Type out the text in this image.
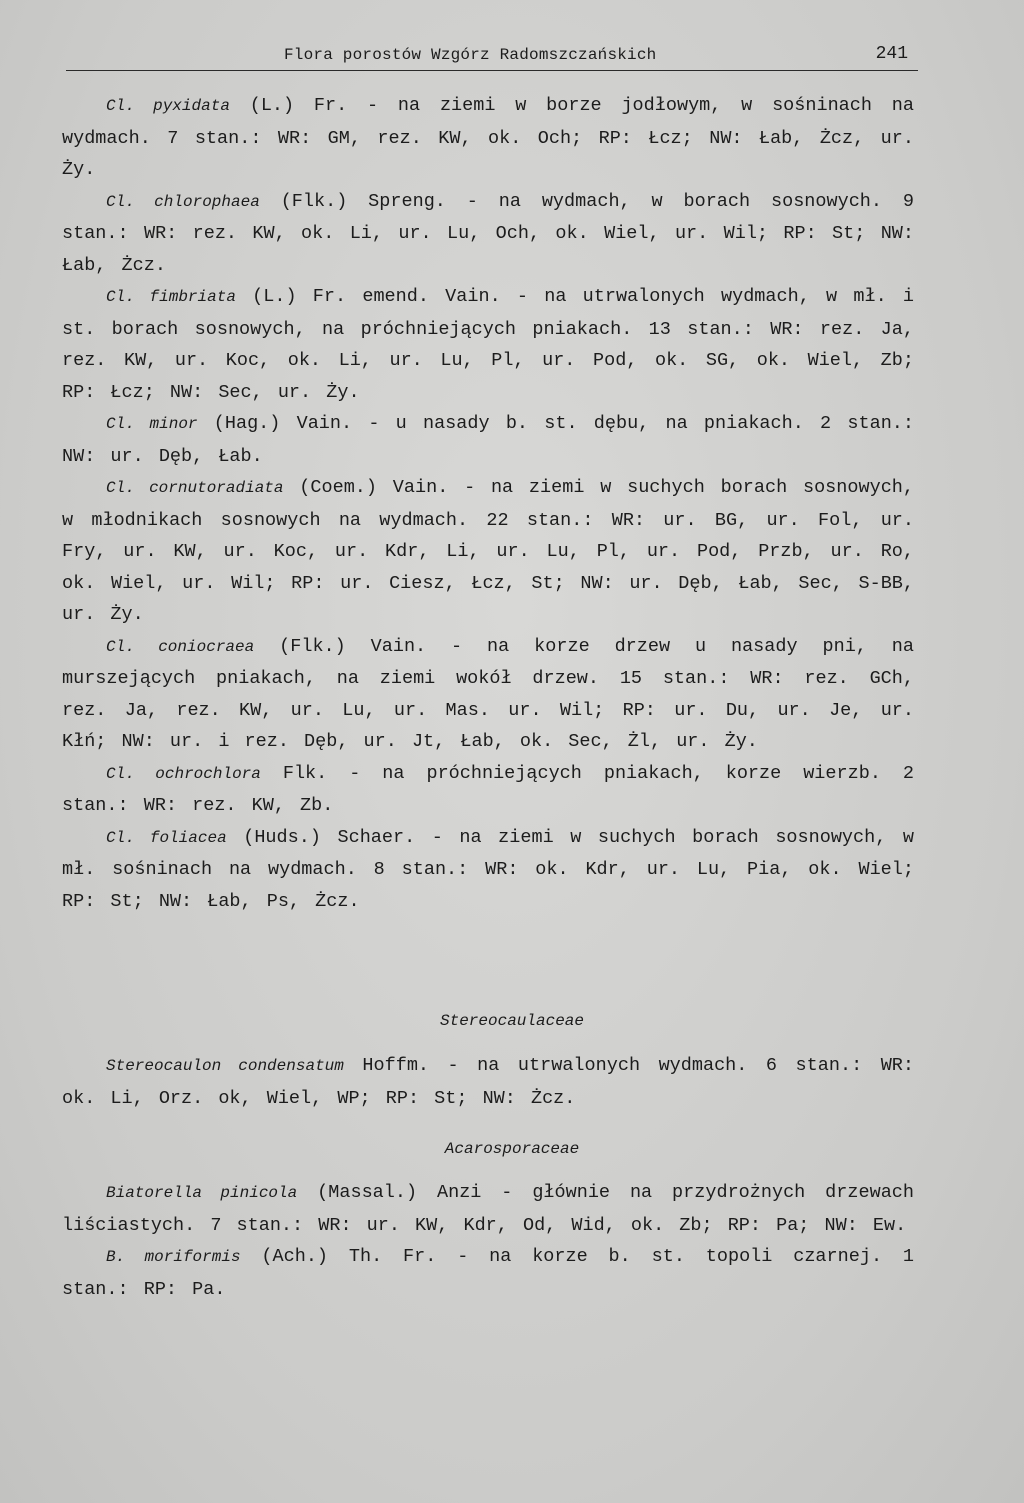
Flora porostów Wzgórz Radomszczańskich	241

Cl. pyxidata (L.) Fr. - na ziemi w borze jodłowym, w sośninach na wydmach. 7 stan.: WR: GM, rez. KW, ok. Och; RP: Łcz; NW: Łab, Żcz, ur. Ży.

Cl. chlorophaea (Flk.) Spreng. - na wydmach, w borach sosnowych. 9 stan.: WR: rez. KW, ok. Li, ur. Lu, Och, ok. Wiel, ur. Wil; RP: St; NW: Łab, Żcz.

Cl. fimbriata (L.) Fr. emend. Vain. - na utrwalonych wydmach, w mł. i st. borach sosnowych, na próchniejących pniakach. 13 stan.: WR: rez. Ja, rez. KW, ur. Koc, ok. Li, ur. Lu, Pl, ur. Pod, ok. SG, ok. Wiel, Zb; RP: Łcz; NW: Sec, ur. Ży.

Cl. minor (Hag.) Vain. - u nasady b. st. dębu, na pniakach. 2 stan.: NW: ur. Dęb, Łab.

Cl. cornutoradiata (Coem.) Vain. - na ziemi w suchych borach sosnowych, w młodnikach sosnowych na wydmach. 22 stan.: WR: ur. BG, ur. Fol, ur. Fry, ur. KW, ur. Koc, ur. Kdr, Li, ur. Lu, Pl, ur. Pod, Przb, ur. Ro, ok. Wiel, ur. Wil; RP: ur. Ciesz, Łcz, St; NW: ur. Dęb, Łab, Sec, S-BB, ur. Ży.

Cl. coniocraea (Flk.) Vain. - na korze drzew u nasady pni, na murszejących pniakach, na ziemi wokół drzew. 15 stan.: WR: rez. GCh, rez. Ja, rez. KW, ur. Lu, ur. Mas. ur. Wil; RP: ur. Du, ur. Je, ur. Kłń; NW: ur. i rez. Dęb, ur. Jt, Łab, ok. Sec, Żl, ur. Ży.

Cl. ochrochlora Flk. - na próchniejących pniakach, korze wierzb. 2 stan.: WR: rez. KW, Zb.

Cl. foliacea (Huds.) Schaer. - na ziemi w suchych borach sosnowych, w mł. sośninach na wydmach. 8 stan.: WR: ok. Kdr, ur. Lu, Pia, ok. Wiel; RP: St; NW: Łab, Ps, Żcz.

Stereocaulaceae

Stereocaulon condensatum Hoffm. - na utrwalonych wydmach. 6 stan.: WR: ok. Li, Orz. ok, Wiel, WP; RP: St; NW: Żcz.

Acarosporaceae

Biatorella pinicola (Massal.) Anzi - głównie na przydrożnych drzewach liściastych. 7 stan.: WR: ur. KW, Kdr, Od, Wid, ok. Zb; RP: Pa; NW: Ew.

B. moriformis (Ach.) Th. Fr. - na korze b. st. topoli czarnej. 1 stan.: RP: Pa.
